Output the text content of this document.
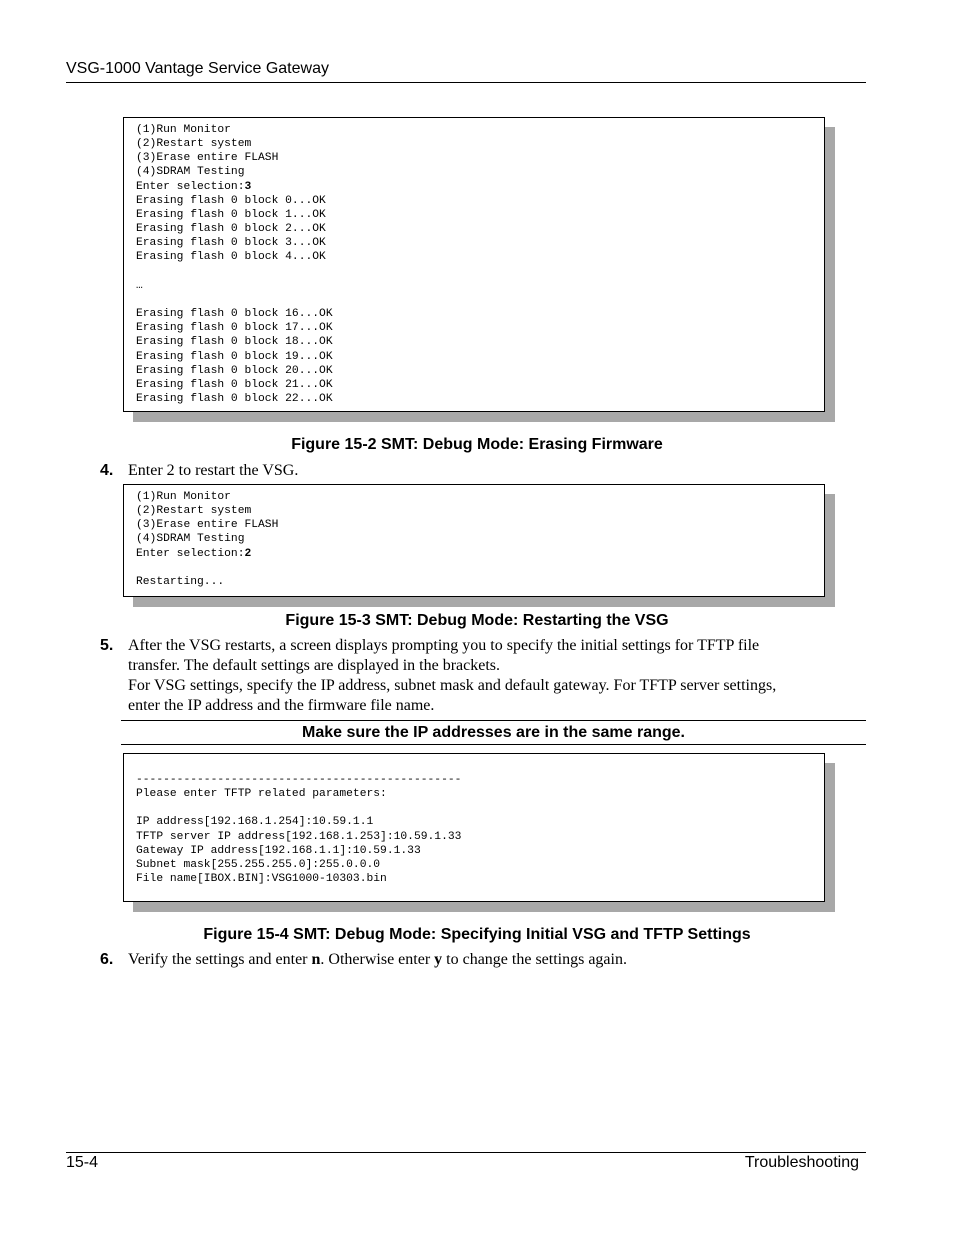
VSG-1000 Vantage Service Gateway
(1)Run Monitor
(2)Restart system
(3)Erase entire FLASH
(4)SDRAM Testing
Enter selection:3
Erasing flash 0 block 0...OK
Erasing flash 0 block 1...OK
Erasing flash 0 block 2...OK
Erasing flash 0 block 3...OK
Erasing flash 0 block 4...OK

…

Erasing flash 0 block 16...OK
Erasing flash 0 block 17...OK
Erasing flash 0 block 18...OK
Erasing flash 0 block 19...OK
Erasing flash 0 block 20...OK
Erasing flash 0 block 21...OK
Erasing flash 0 block 22...OK
Figure 15-2 SMT: Debug Mode: Erasing Firmware
4. Enter 2 to restart the VSG.
(1)Run Monitor
(2)Restart system
(3)Erase entire FLASH
(4)SDRAM Testing
Enter selection:2

Restarting...
Figure 15-3 SMT: Debug Mode: Restarting the VSG
5. After the VSG restarts, a screen displays prompting you to specify the initial settings for TFTP file
transfer. The default settings are displayed in the brackets.
For VSG settings, specify the IP address, subnet mask and default gateway. For TFTP server settings,
enter the IP address and the firmware file name.
Make sure the IP addresses are in the same range.
------------------------------------------------
Please enter TFTP related parameters:

IP address[192.168.1.254]:10.59.1.1
TFTP server IP address[192.168.1.253]:10.59.1.33
Gateway IP address[192.168.1.1]:10.59.1.33
Subnet mask[255.255.255.0]:255.0.0.0
File name[IBOX.BIN]:VSG1000-10303.bin
Figure 15-4 SMT: Debug Mode: Specifying Initial VSG and TFTP Settings
6. Verify the settings and enter n. Otherwise enter y to change the settings again.
15-4	Troubleshooting
